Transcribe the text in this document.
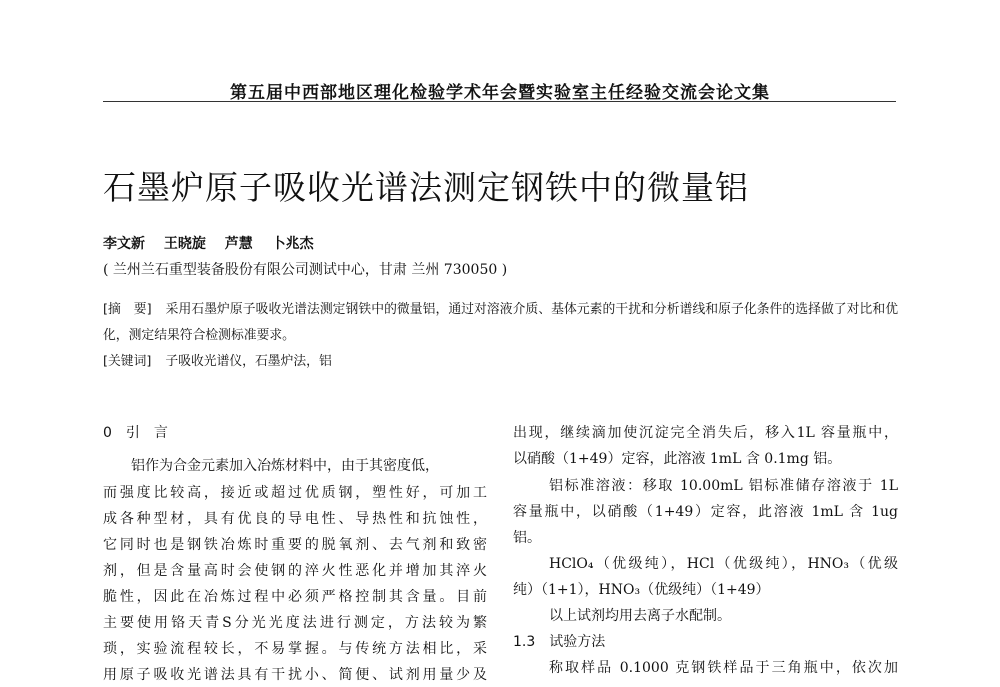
第五届中西部地区理化检验学术年会暨实验室主任经验交流会论文集
石墨炉原子吸收光谱法测定钢铁中的微量铝
李文新 王晓旋 芦慧 卜兆杰
( 兰州兰石重型装备股份有限公司测试中心，甘肃 兰州 730050 )
[摘　要] 采用石墨炉原子吸收光谱法测定钢铁中的微量铝，通过对溶液介质、基体元素的干扰和分析谱线和原子化条件的选择做了对比和优化，测定结果符合检测标准要求。
[关键词] 子吸收光谱仪，石墨炉法，铝
0　引　言
铝作为合金元素加入冶炼材料中，由于其密度低，
而强度比较高，接近或超过优质钢，塑性好，可加工
成各种型材，具有优良的导电性、导热性和抗蚀性，
它同时也是钢铁冶炼时重要的脱氧剂、去气剂和致密
剂，但是含量高时会使钢的淬火性恶化并增加其淬火
脆性，因此在冶炼过程中必须严格控制其含量。目前
主要使用铬天青S分光光度法进行测定，方法较为繁
琐，实验流程较长，不易掌握。与传统方法相比，采
用原子吸收光谱法具有干扰小、简便、试剂用量少及
出现，继续滴加使沉淀完全消失后，移入1L 容量瓶中，
以硝酸（1+49）定容，此溶液 1mL 含 0.1mg 铝。
铝标准溶液：移取 10.00mL 铝标准储存溶液于 1L
容量瓶中，以硝酸（1+49）定容，此溶液 1mL 含 1ug
铝。
HClO₄（优级纯），HCl（优级纯），HNO₃（优级
纯）（1+1），HNO₃（优级纯）（1+49）
以上试剂均用去离子水配制。
1.3　试验方法
称取样品 0.1000 克钢铁样品于三角瓶中，依次加
